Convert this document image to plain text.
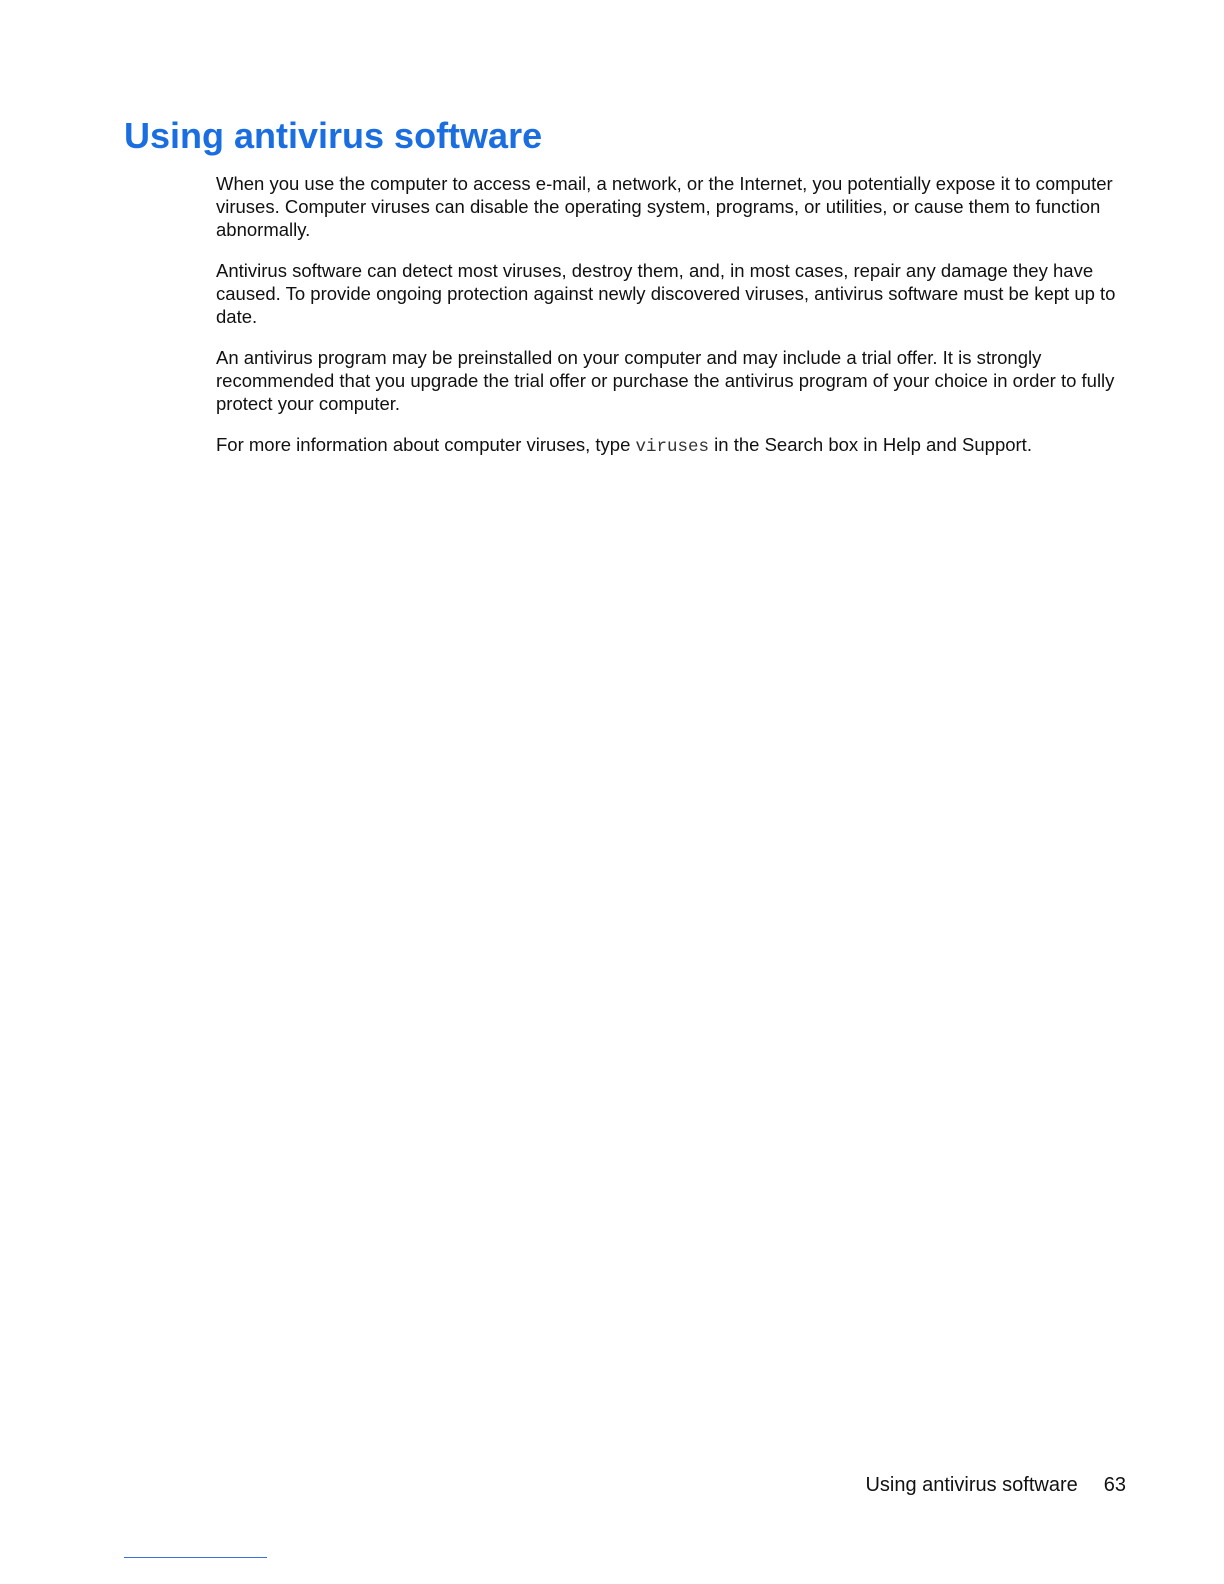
Using antivirus software

When you use the computer to access e-mail, a network, or the Internet, you potentially expose it to computer viruses. Computer viruses can disable the operating system, programs, or utilities, or cause them to function abnormally.

Antivirus software can detect most viruses, destroy them, and, in most cases, repair any damage they have caused. To provide ongoing protection against newly discovered viruses, antivirus software must be kept up to date.

An antivirus program may be preinstalled on your computer and may include a trial offer. It is strongly recommended that you upgrade the trial offer or purchase the antivirus program of your choice in order to fully protect your computer.

For more information about computer viruses, type viruses in the Search box in Help and Support.

Using antivirus software 63
